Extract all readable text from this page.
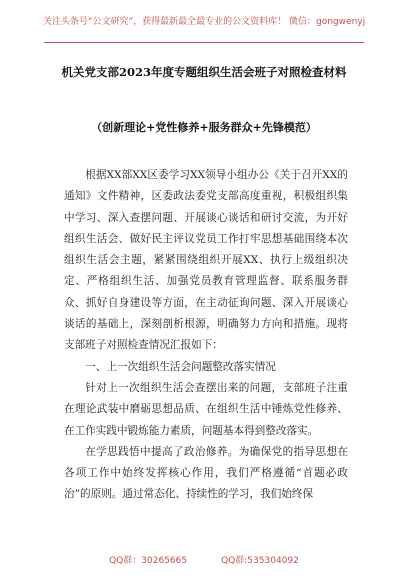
关注头条号“公文研究”，获得最新最全最专业的公文资料库！ 微信：gongwenyj
机关党支部2023年度专题组织生活会班子对照检查材料
（创新理论+党性修养+服务群众+先锋模范）

根据XX部XX区委学习XX领导小组办公《关于召开XX的通知》文件精神，区委政法委党支部高度重视，积极组织集中学习、深入查摆问题、开展谈心谈话和研讨交流，为开好组织生活会、做好民主评议党员工作打牢思想基础围绕本次组织生活会主题，紧紧围绕组织开展XX、执行上级组织决定、严格组织生活、加强党员教育管理监督、联系服务群众、抓好自身建设等方面，在主动征询问题、深入开展谈心谈话的基础上，深刻剖析根源，明确努力方向和措施。现将支部班子对照检查情况汇报如下：

一、上一次组织生活会问题整改落实情况

针对上一次组织生活会查摆出来的问题，支部班子注重在理论武装中磨砺思想品质、在组织生活中锤炼党性修养、在工作实践中锻炼能力素质，问题基本得到整改落实。

在学思践悟中提高了政治修养。为确保党的指导思想在各项工作中始终发挥核心作用，我们严格遵循“首题必政治”的原则。通过常态化、持续性的学习，我们始终保

QQ群：30265665	QQ群:535304092
